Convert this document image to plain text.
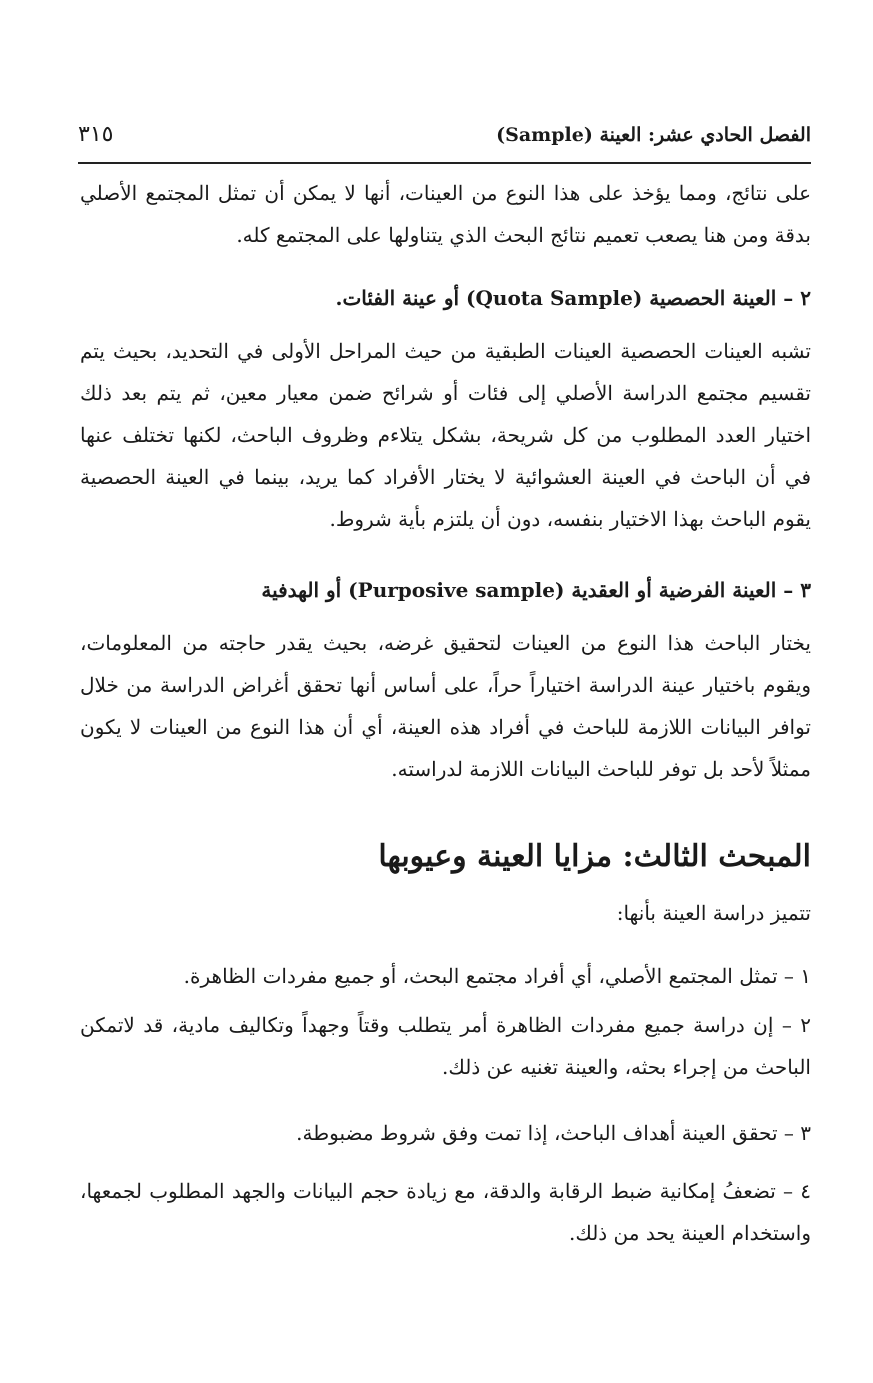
الفصل الحادي عشر: العينة (Sample)
٣١٥
على نتائج، ومما يؤخذ على هذا النوع من العينات، أنها لا يمكن أن تمثل المجتمع الأصلي بدقة ومن هنا يصعب تعميم نتائج البحث الذي يتناولها على المجتمع كله.
٢ – العينة الحصصية (Quota Sample) أو عينة الفئات.
تشبه العينات الحصصية العينات الطبقية من حيث المراحل الأولى في التحديد، بحيث يتم تقسيم مجتمع الدراسة الأصلي إلى فئات أو شرائح ضمن معيار معين، ثم يتم بعد ذلك اختيار العدد المطلوب من كل شريحة، بشكل يتلاءم وظروف الباحث، لكنها تختلف عنها في أن الباحث في العينة العشوائية لا يختار الأفراد كما يريد، بينما في العينة الحصصية يقوم الباحث بهذا الاختيار بنفسه، دون أن يلتزم بأية شروط.
٣ – العينة الفرضية أو العقدية (Purposive sample) أو الهدفية
يختار الباحث هذا النوع من العينات لتحقيق غرضه، بحيث يقدر حاجته من المعلومات، ويقوم باختيار عينة الدراسة اختياراً حراً، على أساس أنها تحقق أغراض الدراسة من خلال توافر البيانات اللازمة للباحث في أفراد هذه العينة، أي أن هذا النوع من العينات لا يكون ممثلاً لأحد بل توفر للباحث البيانات اللازمة لدراسته.
المبحث الثالث: مزايا العينة وعيوبها
تتميز دراسة العينة بأنها:
١ – تمثل المجتمع الأصلي، أي أفراد مجتمع البحث، أو جميع مفردات الظاهرة.
٢ – إن دراسة جميع مفردات الظاهرة أمر يتطلب وقتاً وجهداً وتكاليف مادية، قد لاتمكن الباحث من إجراء بحثه، والعينة تغنيه عن ذلك.
٣ – تحقق العينة أهداف الباحث، إذا تمت وفق شروط مضبوطة.
٤ – تضعفُ إمكانية ضبط الرقابة والدقة، مع زيادة حجم البيانات والجهد المطلوب لجمعها، واستخدام العينة يحد من ذلك.
